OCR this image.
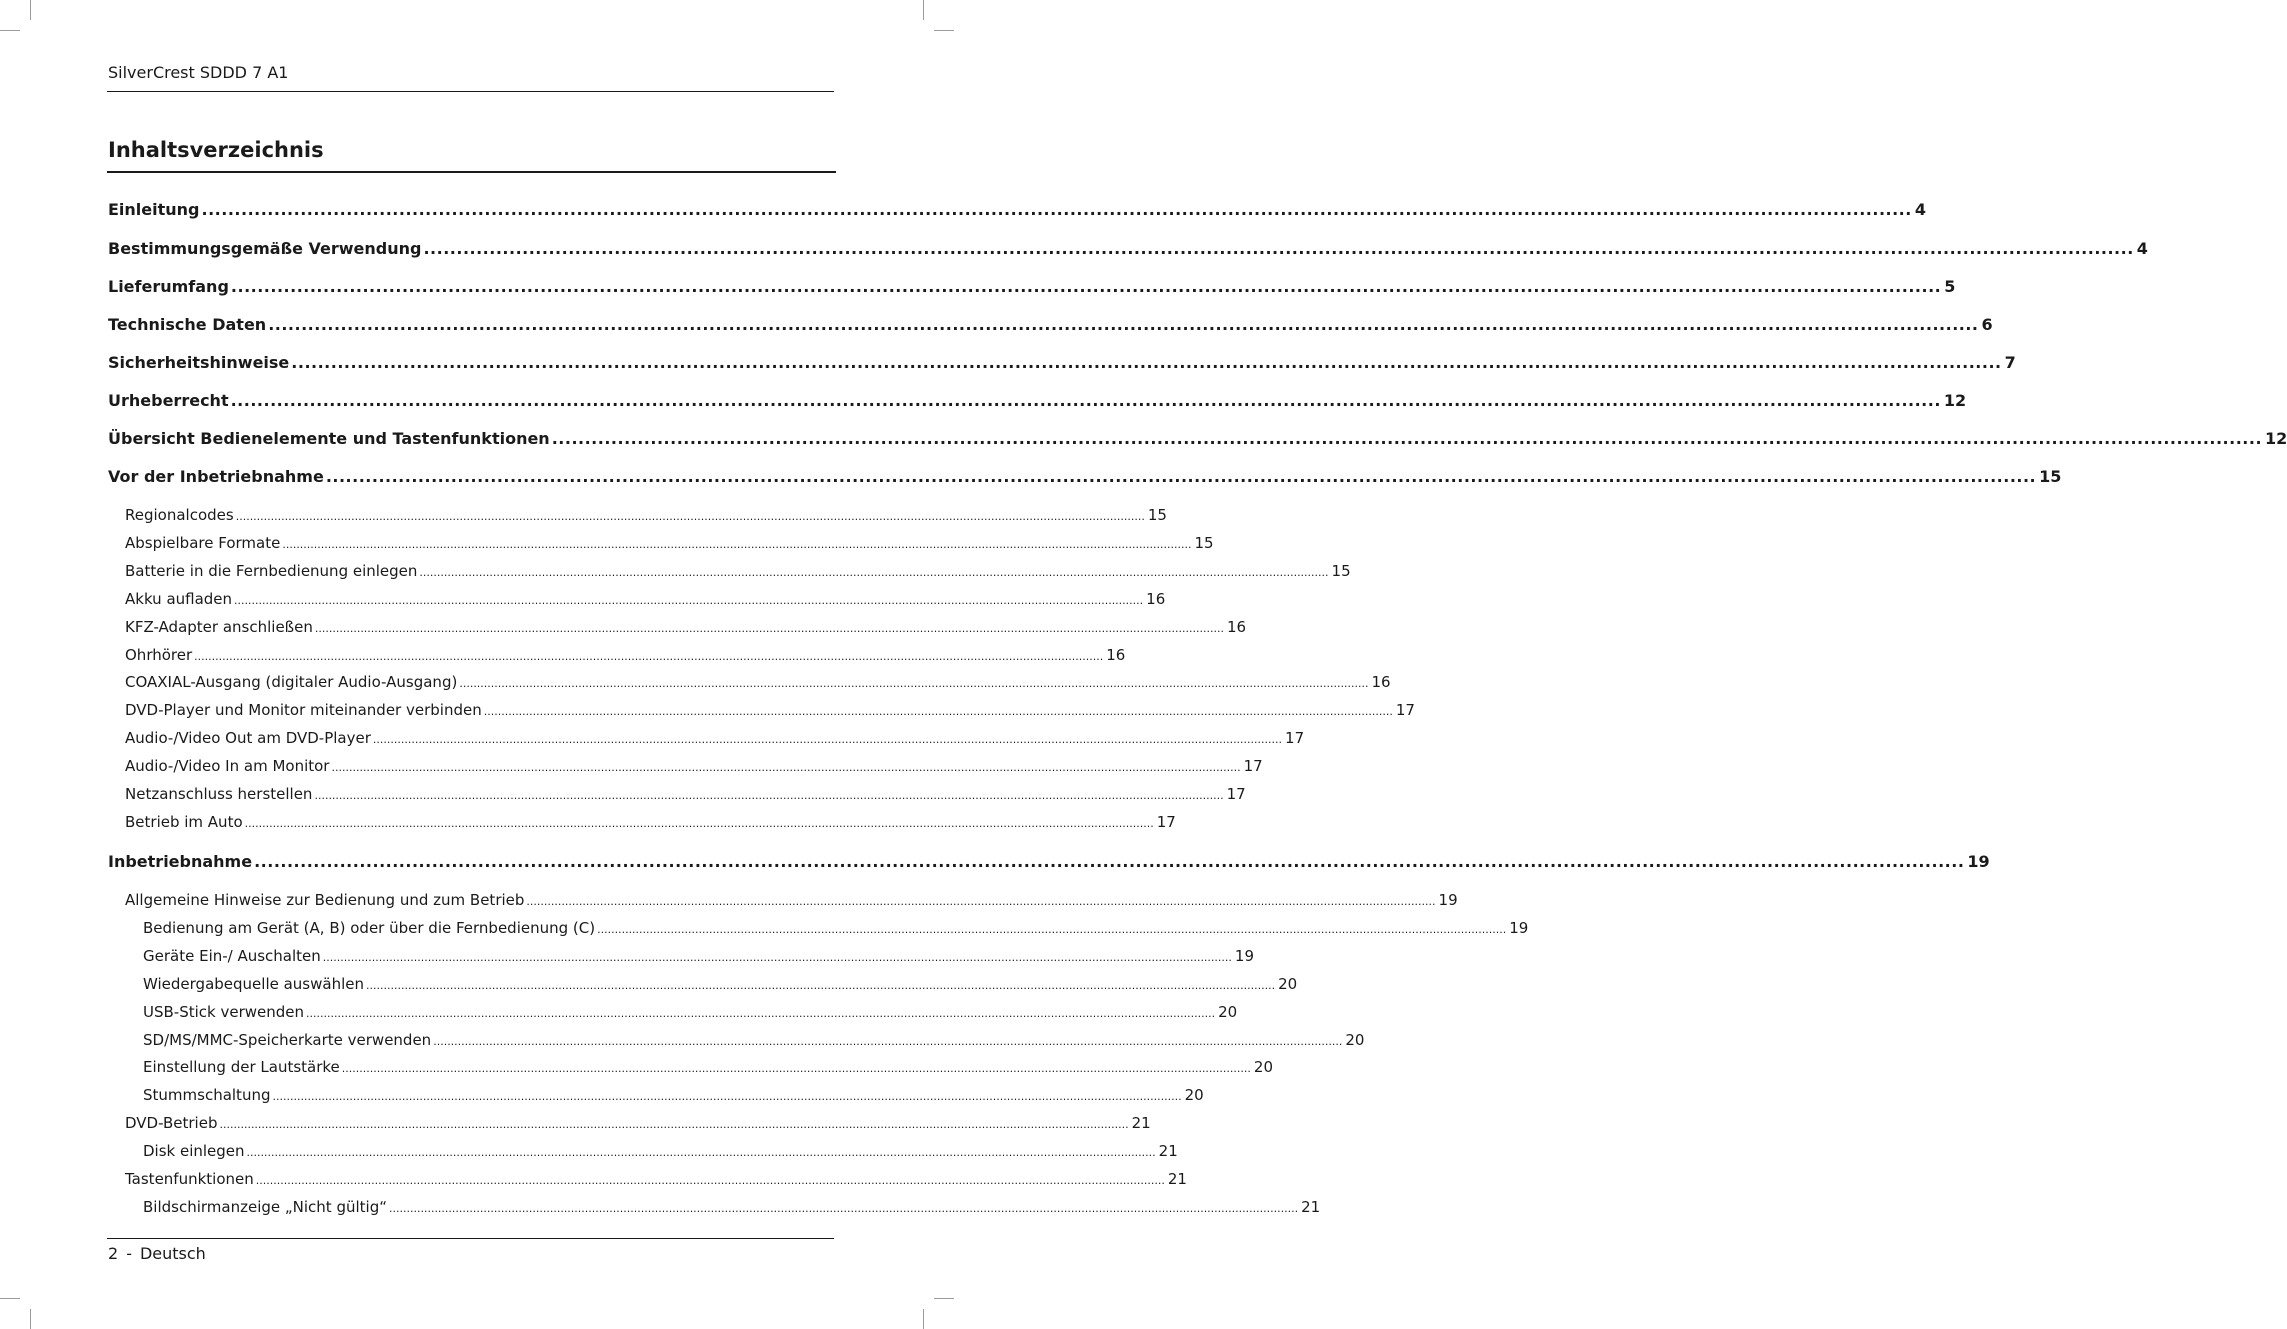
SilverCrest SDDD 7 A1
Inhaltsverzeichnis
Einleitung .................................................................................................................................................................................................................................................................... 4
Bestimmungsgemäße Verwendung .................................................................................................................................................................................................................................................................... 4
Lieferumfang .................................................................................................................................................................................................................................................................... 5
Technische Daten .................................................................................................................................................................................................................................................................... 6
Sicherheitshinweise .................................................................................................................................................................................................................................................................... 7
Urheberrecht .................................................................................................................................................................................................................................................................... 12
Übersicht Bedienelemente und Tastenfunktionen .................................................................................................................................................................................................................................................................... 12
Vor der Inbetriebnahme .................................................................................................................................................................................................................................................................... 15
Regionalcodes .................................................................................................................................................................................................................................................................... 15
Abspielbare Formate .................................................................................................................................................................................................................................................................... 15
Batterie in die Fernbedienung einlegen .................................................................................................................................................................................................................................................................... 15
Akku aufladen .................................................................................................................................................................................................................................................................... 16
KFZ-Adapter anschließen .................................................................................................................................................................................................................................................................... 16
Ohrhörer .................................................................................................................................................................................................................................................................... 16
COAXIAL-Ausgang (digitaler Audio-Ausgang) .................................................................................................................................................................................................................................................................... 16
DVD-Player und Monitor miteinander verbinden .................................................................................................................................................................................................................................................................... 17
Audio-/Video Out am DVD-Player .................................................................................................................................................................................................................................................................... 17
Audio-/Video In am Monitor .................................................................................................................................................................................................................................................................... 17
Netzanschluss herstellen .................................................................................................................................................................................................................................................................... 17
Betrieb im Auto .................................................................................................................................................................................................................................................................... 17
Inbetriebnahme .................................................................................................................................................................................................................................................................... 19
Allgemeine Hinweise zur Bedienung und zum Betrieb .................................................................................................................................................................................................................................................................... 19
Bedienung am Gerät (A, B) oder über die Fernbedienung (C) .................................................................................................................................................................................................................................................................... 19
Geräte Ein-/ Auschalten .................................................................................................................................................................................................................................................................... 19
Wiedergabequelle auswählen .................................................................................................................................................................................................................................................................... 20
USB-Stick verwenden .................................................................................................................................................................................................................................................................... 20
SD/MS/MMC-Speicherkarte verwenden .................................................................................................................................................................................................................................................................... 20
Einstellung der Lautstärke .................................................................................................................................................................................................................................................................... 20
Stummschaltung .................................................................................................................................................................................................................................................................... 20
DVD-Betrieb .................................................................................................................................................................................................................................................................... 21
Disk einlegen .................................................................................................................................................................................................................................................................... 21
Tastenfunktionen .................................................................................................................................................................................................................................................................... 21
Bildschirmanzeige „Nicht gültig“ .................................................................................................................................................................................................................................................................... 21
2 - Deutsch
